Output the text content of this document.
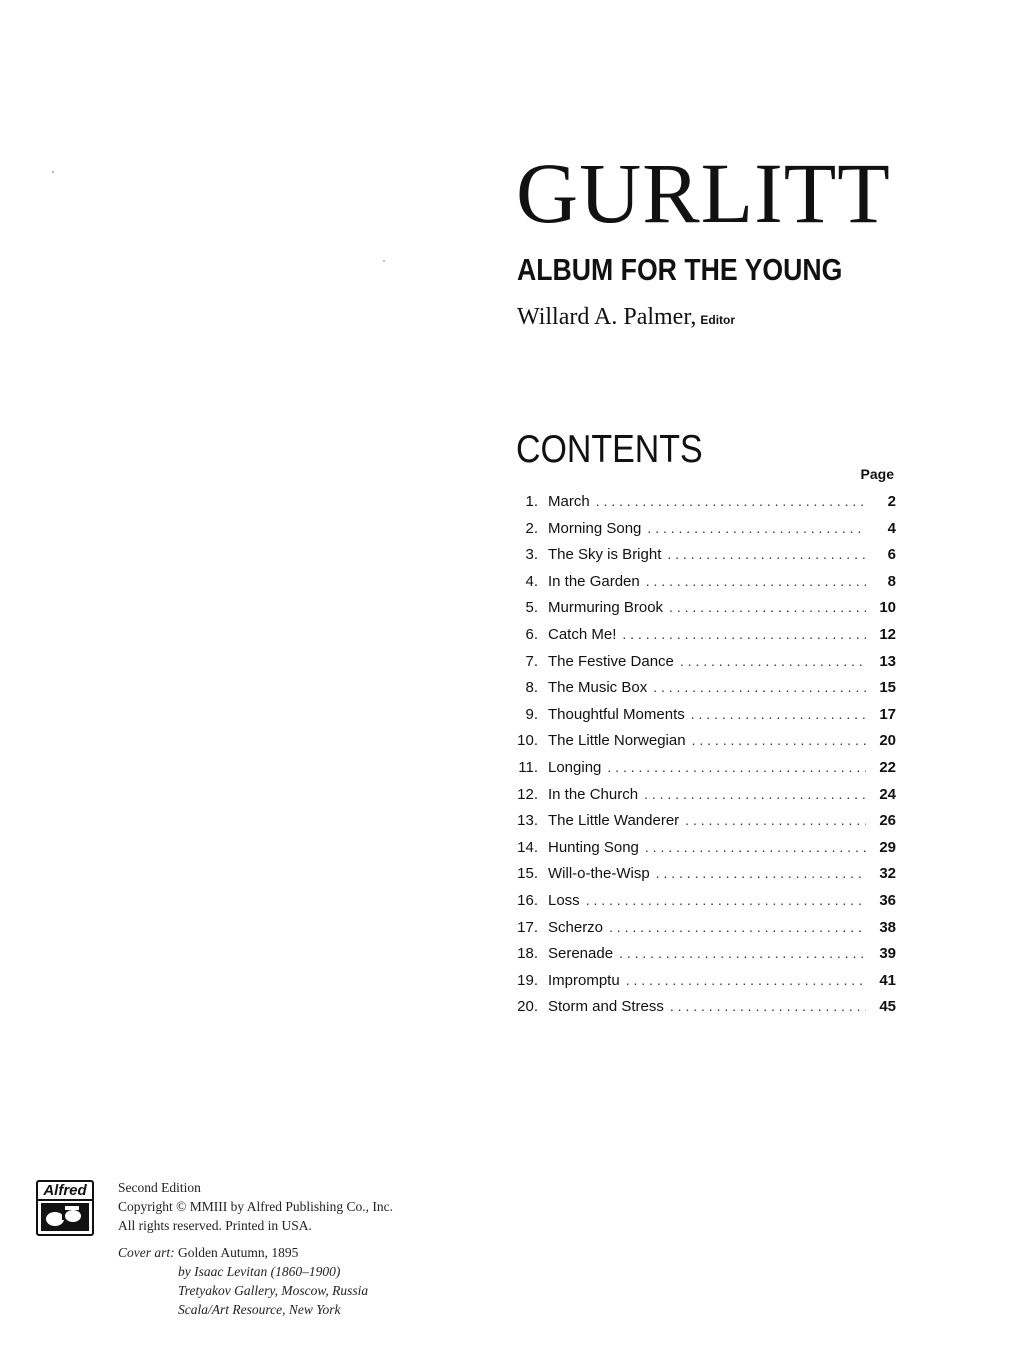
GURLITT
ALBUM FOR THE YOUNG
Willard A. Palmer, Editor
CONTENTS
Page
1. March . . .	2
2. Morning Song . . .	4
3. The Sky is Bright . . .	6
4. In the Garden . . .	8
5. Murmuring Brook . . .	10
6. Catch Me! . . .	12
7. The Festive Dance . . .	13
8. The Music Box . . .	15
9. Thoughtful Moments . . .	17
10. The Little Norwegian . . .	20
11. Longing . . .	22
12. In the Church . . .	24
13. The Little Wanderer . . .	26
14. Hunting Song . . .	29
15. Will-o-the-Wisp . . .	32
16. Loss . . .	36
17. Scherzo . . .	38
18. Serenade . . .	39
19. Impromptu . . .	41
20. Storm and Stress . . .	45
Alfred	Second Edition
Copyright © MMIII by Alfred Publishing Co., Inc.
All rights reserved. Printed in USA.
Cover art: Golden Autumn, 1895
by Isaac Levitan (1860–1900)
Tretyakov Gallery, Moscow, Russia
Scala/Art Resource, New York
